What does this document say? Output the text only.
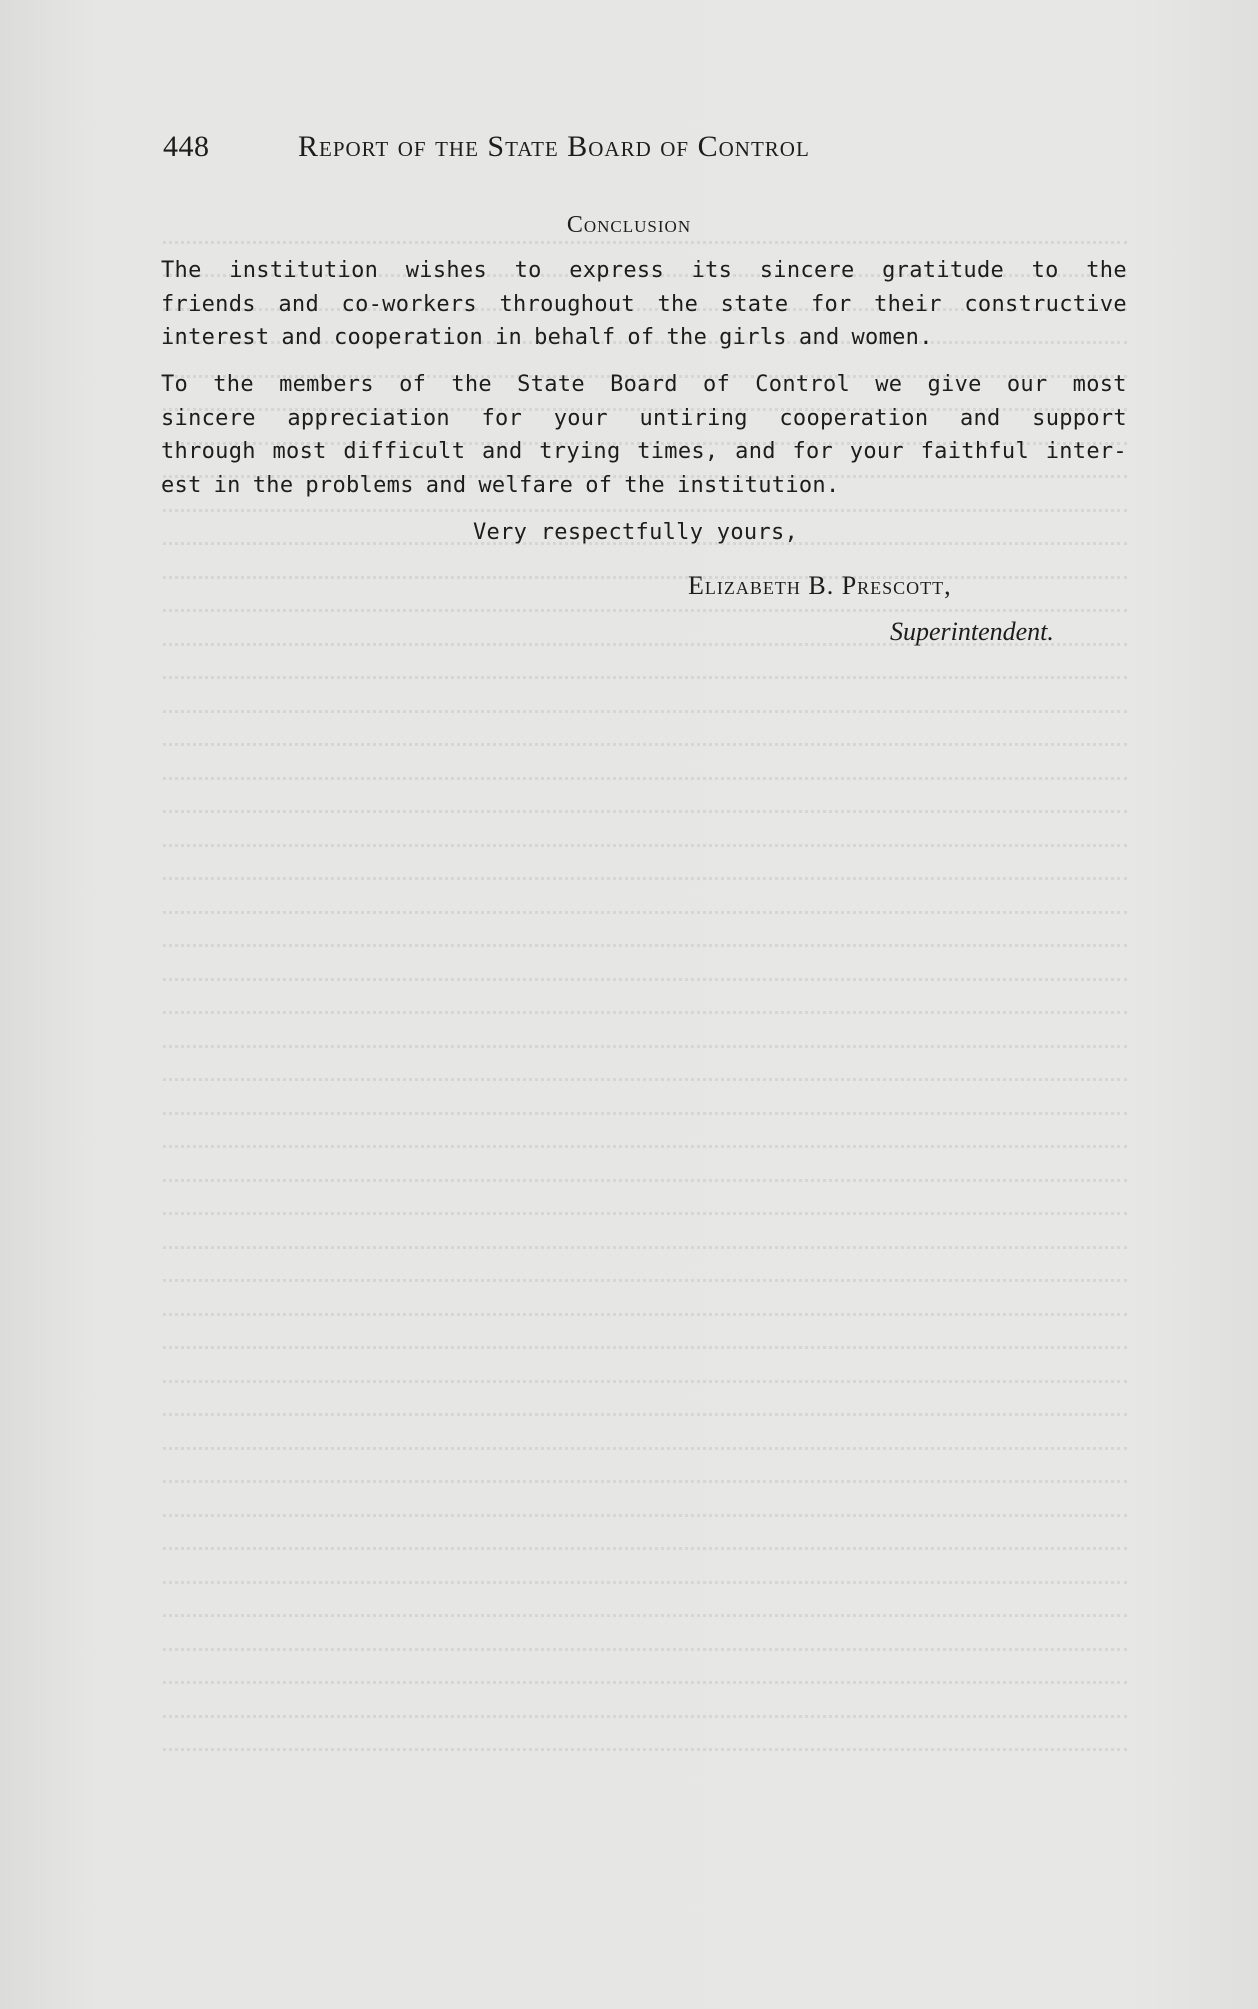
448	Report of the State Board of Control
Conclusion
The institution wishes to express its sincere gratitude to the
friends and co-workers throughout the state for their constructive
interest and cooperation in behalf of the girls and women.
To the members of the State Board of Control we give our most
sincere appreciation for your untiring cooperation and support
through most difficult and trying times, and for your faithful inter-
est in the problems and welfare of the institution.
Very respectfully yours,
Elizabeth B. Prescott,
Superintendent.
